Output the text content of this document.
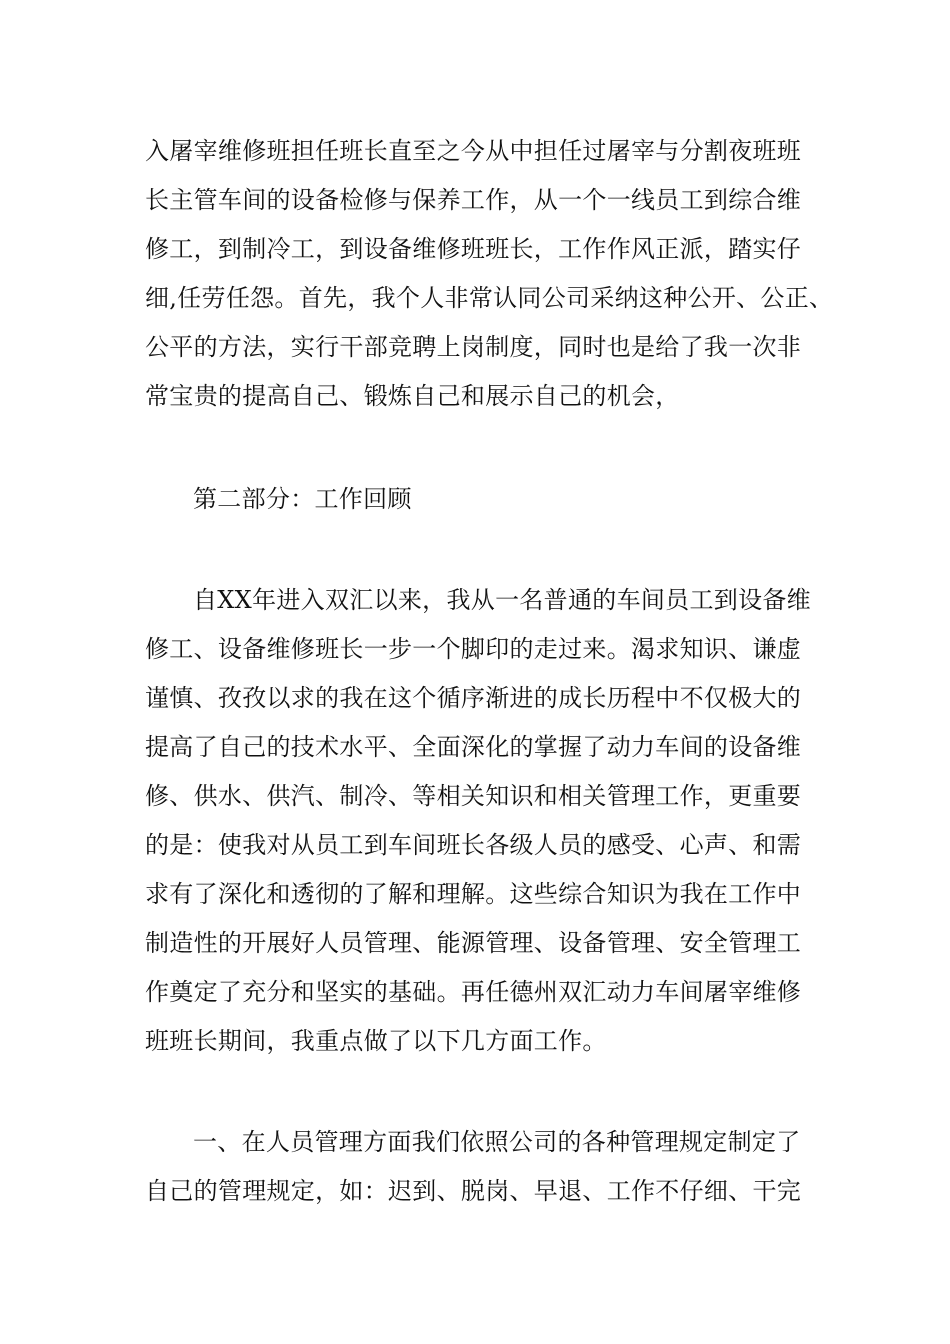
入屠宰维修班担任班长直至之今从中担任过屠宰与分割夜班班

长主管车间的设备检修与保养工作，从一个一线员工到综合维

修工，到制冷工，到设备维修班班长，工作作风正派，踏实仔

细,任劳任怨。首先，我个人非常认同公司采纳这种公开、公正、

公平的方法，实行干部竞聘上岗制度，同时也是给了我一次非

常宝贵的提高自己、锻炼自己和展示自己的机会，

第二部分：工作回顾

自XX年进入双汇以来，我从一名普通的车间员工到设备维

修工、设备维修班长一步一个脚印的走过来。渴求知识、谦虚

谨慎、孜孜以求的我在这个循序渐进的成长历程中不仅极大的

提高了自己的技术水平、全面深化的掌握了动力车间的设备维

修、供水、供汽、制冷、等相关知识和相关管理工作，更重要

的是：使我对从员工到车间班长各级人员的感受、心声、和需

求有了深化和透彻的了解和理解。这些综合知识为我在工作中

制造性的开展好人员管理、能源管理、设备管理、安全管理工

作奠定了充分和坚实的基础。再任德州双汇动力车间屠宰维修

班班长期间，我重点做了以下几方面工作。

一、在人员管理方面我们依照公司的各种管理规定制定了

自己的管理规定，如：迟到、脱岗、早退、工作不仔细、干完
